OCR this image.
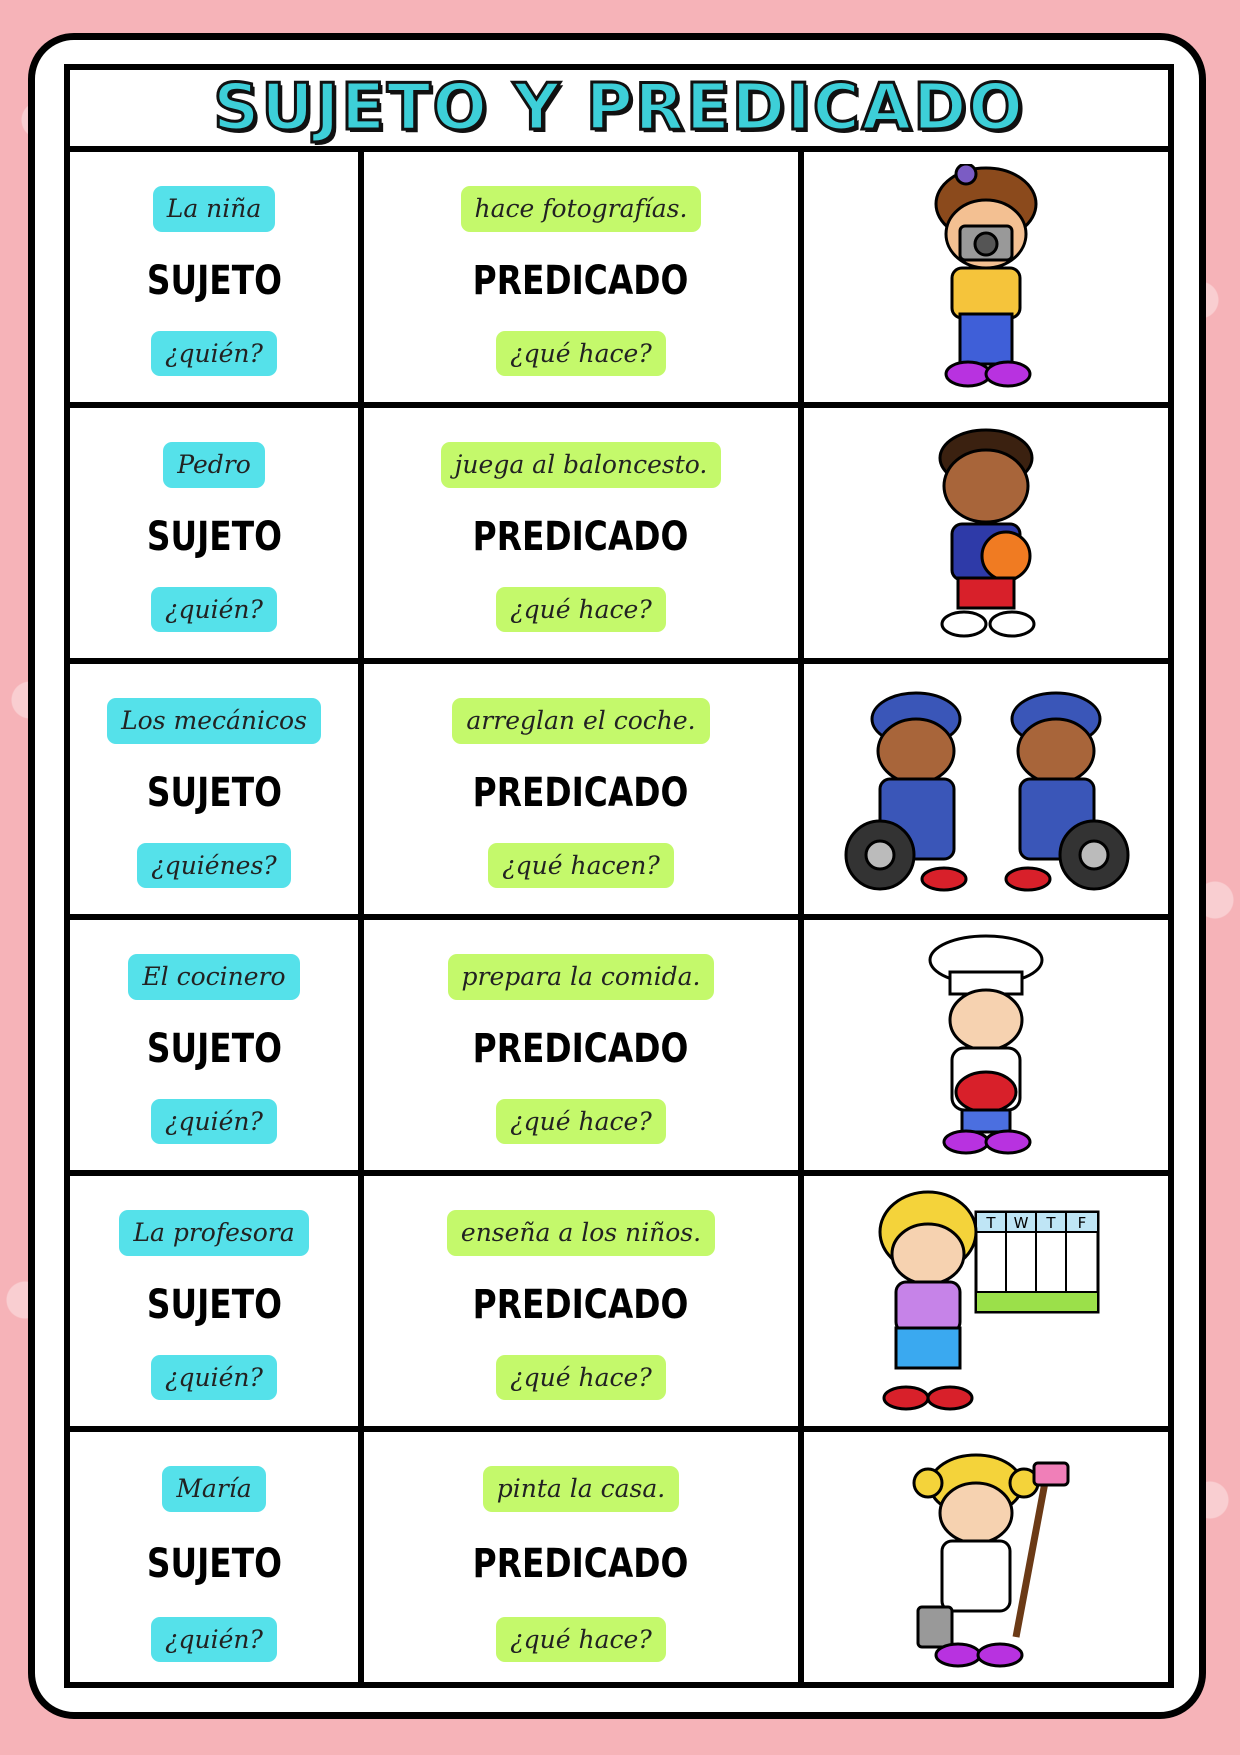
SUJETO Y PREDICADO
La niña
SUJETO
¿quién?
hace fotografías.
PREDICADO
¿qué hace?
Pedro
SUJETO
¿quién?
juega al baloncesto.
PREDICADO
¿qué hace?
Los mecánicos
SUJETO
¿quiénes?
arreglan el coche.
PREDICADO
¿qué hacen?
El cocinero
SUJETO
¿quién?
prepara la comida.
PREDICADO
¿qué hace?
La profesora
SUJETO
¿quién?
enseña a los niños.
PREDICADO
¿qué hace?
T W T F
María
SUJETO
¿quién?
pinta la casa.
PREDICADO
¿qué hace?
